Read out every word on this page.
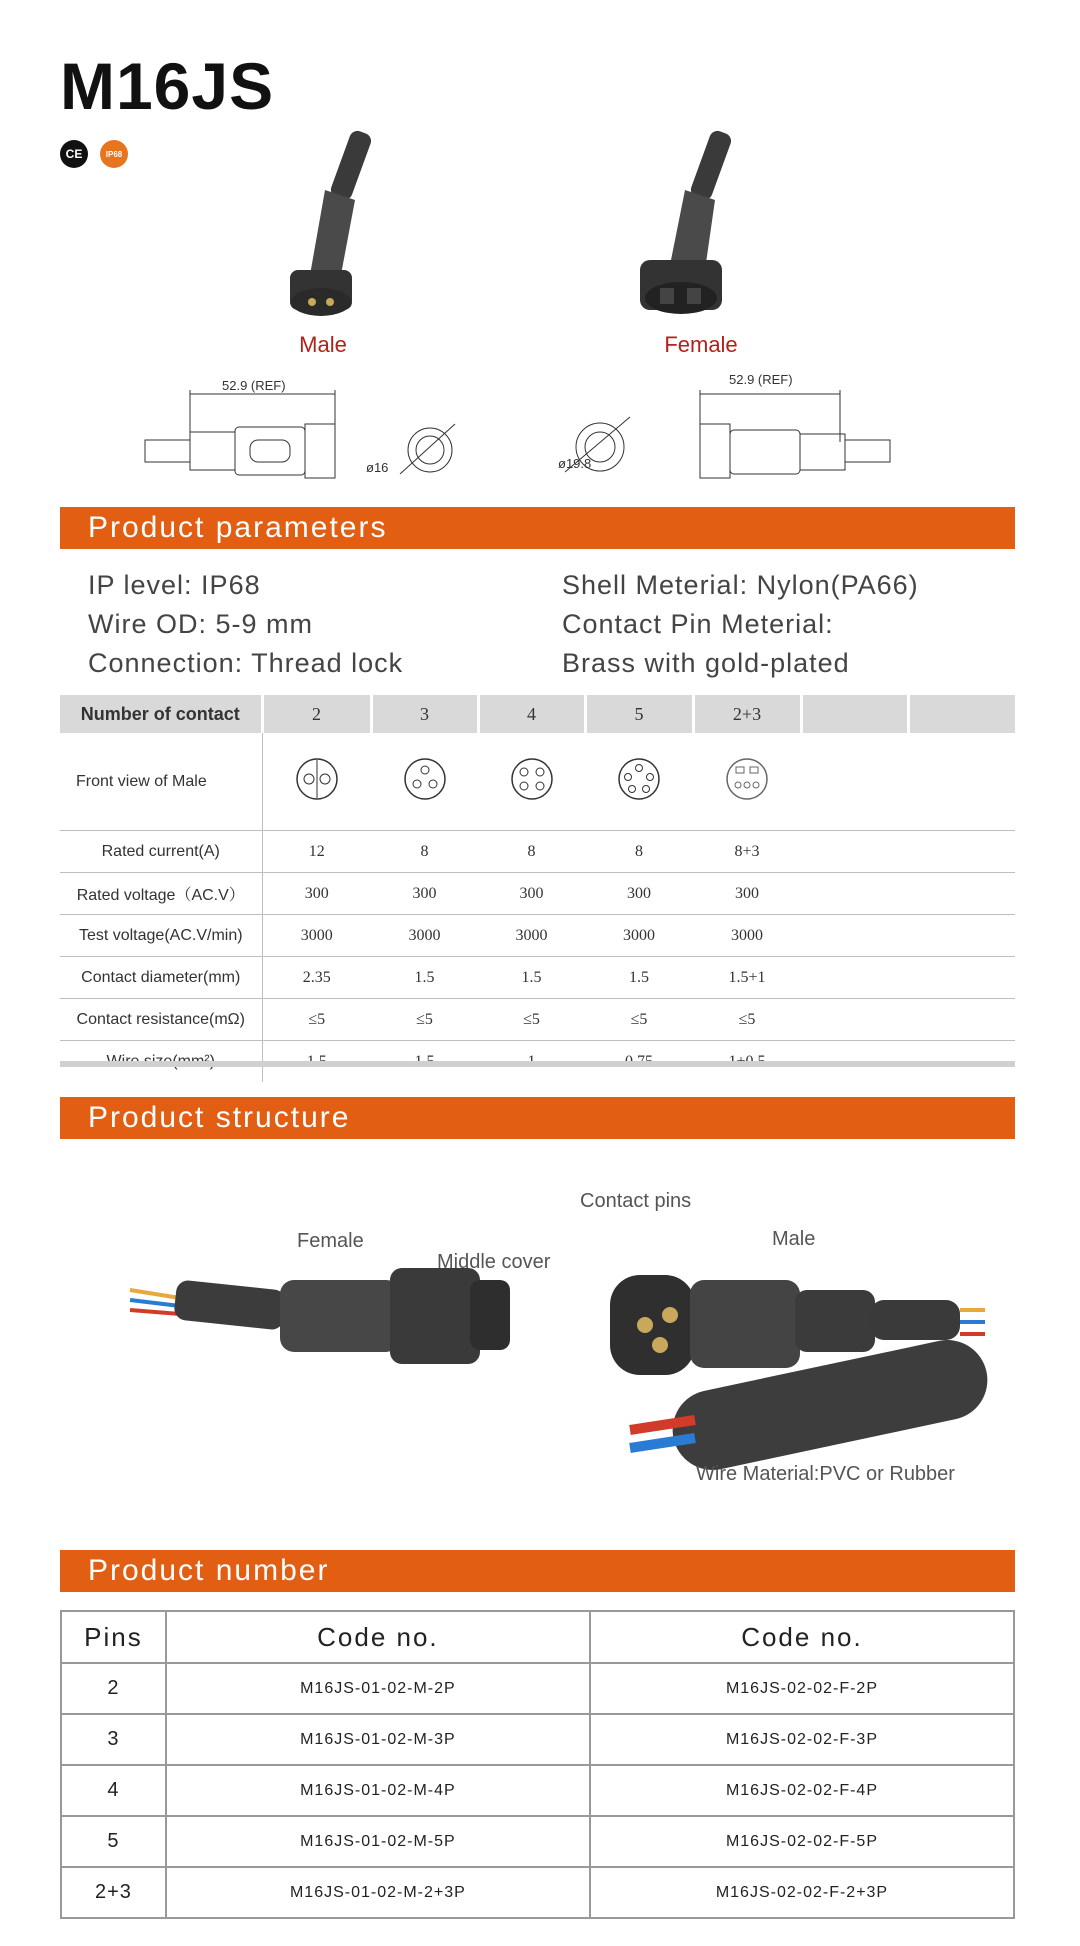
M16JS
CE	IP68
Male	Female
52.9 (REF)
ø16
52.9 (REF)
ø19.8
Product parameters
IP level: IP68
Wire OD: 5-9 mm
Connection: Thread lock
Shell Meterial: Nylon(PA66)
Contact Pin Meterial:
Brass with gold-plated
Number of contact	2	3	4	5	2+3		
Front view of Male							
Rated current(A)	12	8	8	8	8+3		
Rated voltage（AC.V）	300	300	300	300	300		
Test voltage(AC.V/min)	3000	3000	3000	3000	3000		
Contact diameter(mm)	2.35	1.5	1.5	1.5	1.5+1		
Contact resistance(mΩ)	≤5	≤5	≤5	≤5	≤5		

Product structure
Female
Middle cover
Contact pins
Male
Wire Material:PVC or Rubber
Product number
Pins	Code no.	Code no.
2	M16JS-01-02-M-2P	M16JS-02-02-F-2P
3	M16JS-01-02-M-3P	M16JS-02-02-F-3P
4	M16JS-01-02-M-4P	M16JS-02-02-F-4P
5	M16JS-01-02-M-5P	M16JS-02-02-F-5P
2+3	M16JS-01-02-M-2+3P	M16JS-02-02-F-2+3P
